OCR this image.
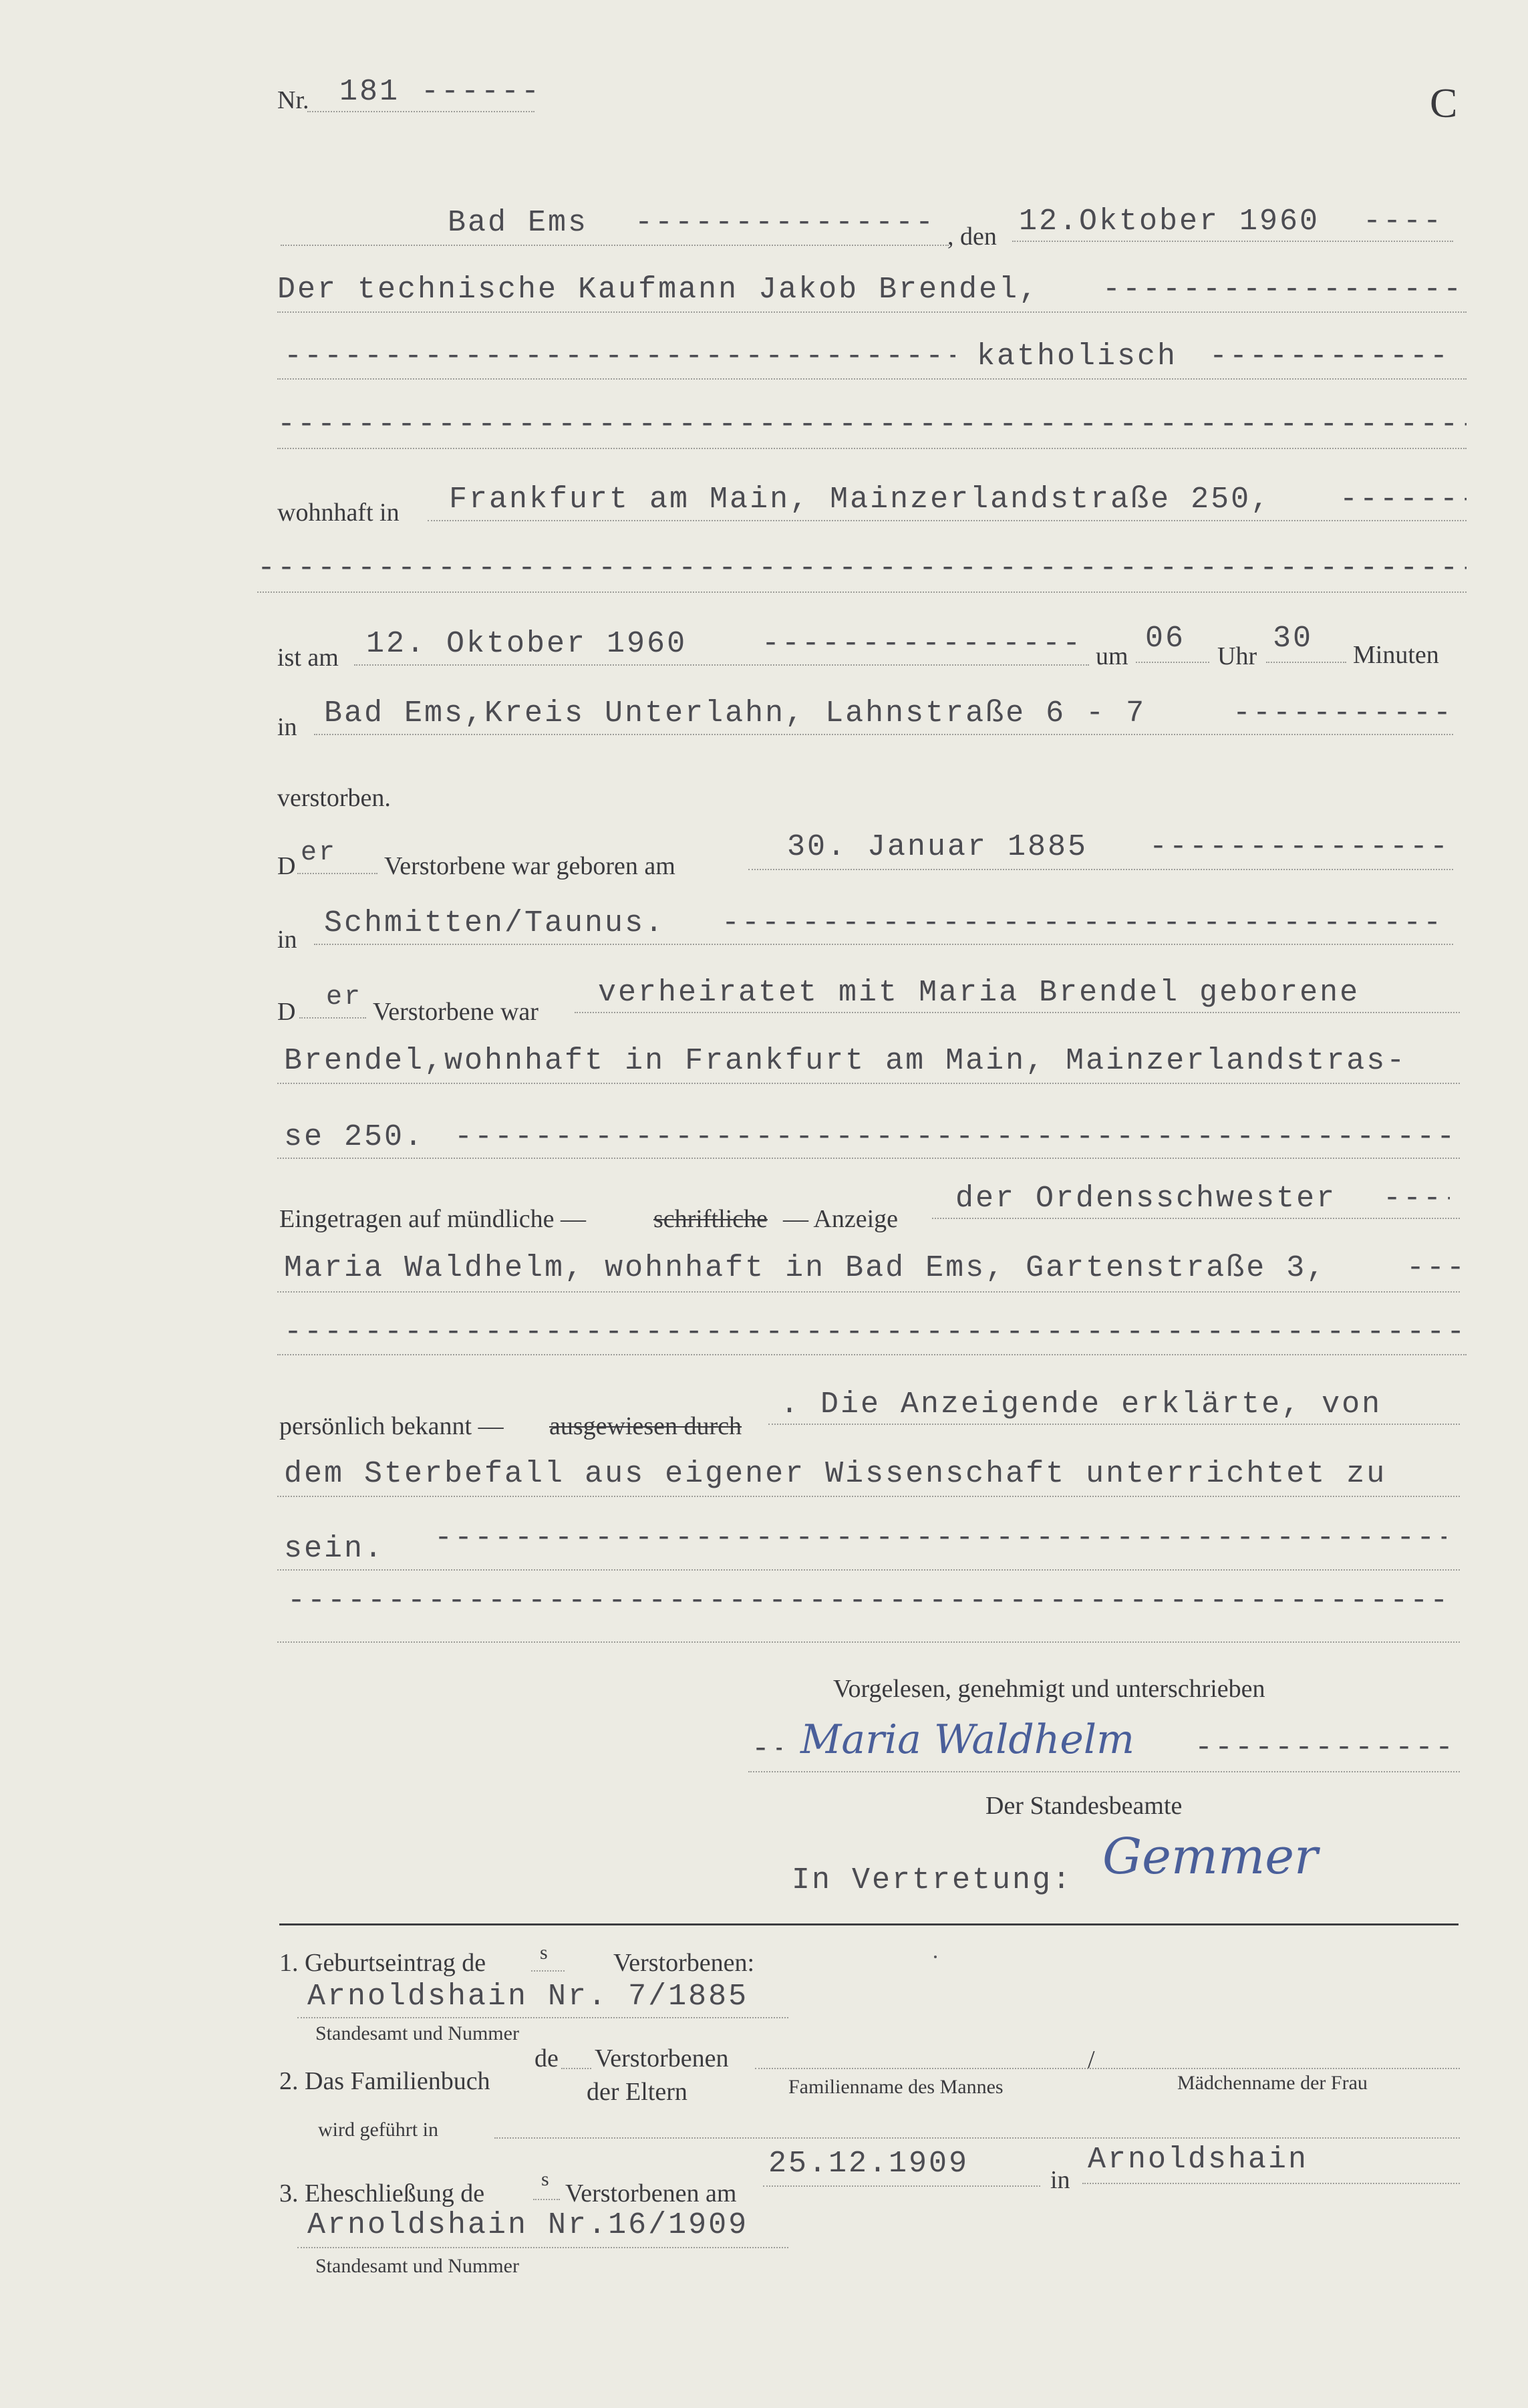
Nr. 181 -----	C
Bad Ems -----	, den 12.Oktober 1960
-----
Der technische Kaufmann Jakob Brendel,
-----
-----
katholisch
-----
-----
wohnhaft in Frankfurt am Main, Mainzerlandstraße 250,
-----
-----
ist am 12. Oktober 1960 -----	um
06
Uhr
30 Minuten
in Bad Ems,Kreis Unterlahn, Lahnstraße 6 - 7
-----
verstorben.
D er Verstorbene war geboren am
30. Januar 1885
-----
in Schmitten/Taunus.
-----
D er Verstorbene war
verheiratet mit Maria Brendel geborene
Brendel,wohnhaft in Frankfurt am Main, Mainzerlandstras-
se 250.
-----
Eingetragen auf mündliche —	schriftliche — Anzeige
der Ordensschwester
-----
Maria Waldhelm, wohnhaft in Bad Ems, Gartenstraße 3,
-----
-----
persönlich bekannt — ausgewiesen durch
. Die Anzeigende erklärte, von
dem Sterbefall aus eigener Wissenschaft unterrichtet zu
sein.
-----
-----
Vorgelesen, genehmigt und unterschrieben
-----
Maria Waldhelm
-----
Der Standesbeamte
In Vertretung: Gemmer
1. Geburtseintrag de	s	Verstorbenen:
Arnoldshain Nr. 7/1885
Standesamt und Nummer
2. Das Familienbuch
de Verstorbenen
der Eltern
/
Familienname des Mannes	Mädchenname der Frau
wird geführt in
3. Eheschließung de
s
Verstorbenen am
25.12.1909	in
Arnoldshain
Arnoldshain Nr.16/1909
Standesamt und Nummer
